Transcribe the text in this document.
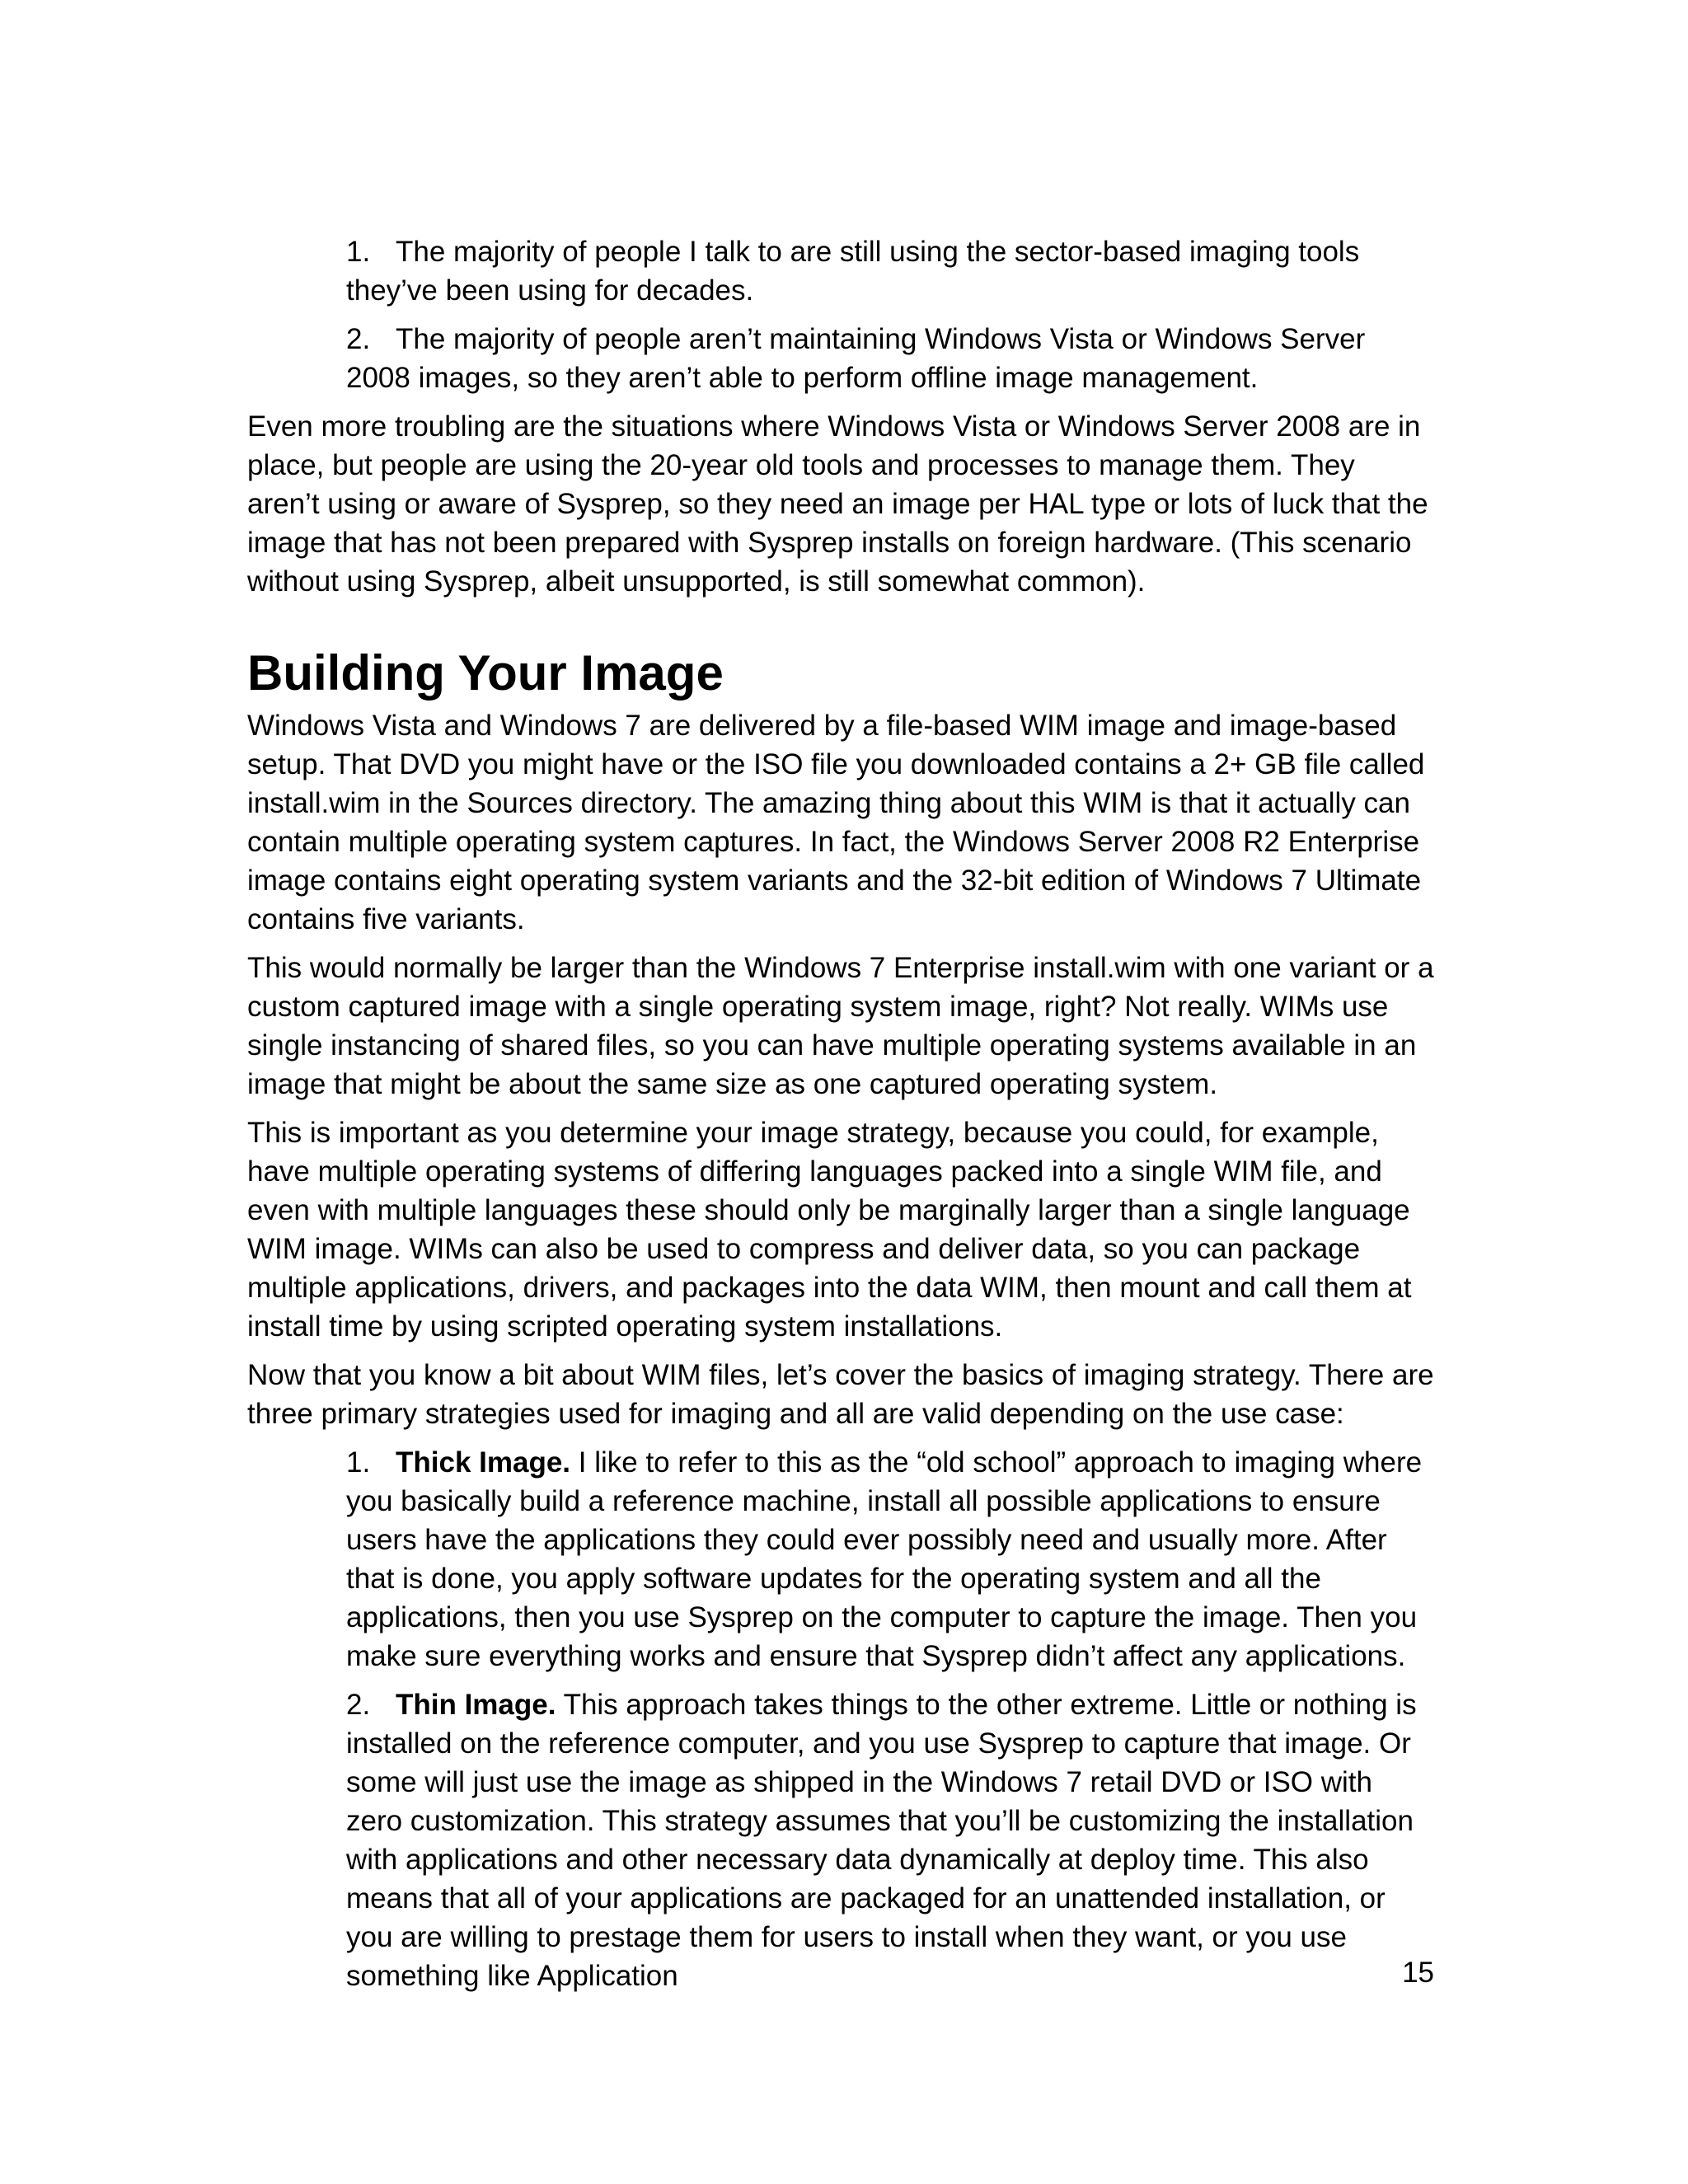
1. The majority of people I talk to are still using the sector-based imaging tools they’ve been using for decades.
2. The majority of people aren’t maintaining Windows Vista or Windows Server 2008 images, so they aren’t able to perform offline image management.

Even more troubling are the situations where Windows Vista or Windows Server 2008 are in place, but people are using the 20-year old tools and processes to manage them. They aren’t using or aware of Sysprep, so they need an image per HAL type or lots of luck that the image that has not been prepared with Sysprep installs on foreign hardware. (This scenario without using Sysprep, albeit unsupported, is still somewhat common).

Building Your Image

Windows Vista and Windows 7 are delivered by a file-based WIM image and image-based setup. That DVD you might have or the ISO file you downloaded contains a 2+ GB file called install.wim in the Sources directory. The amazing thing about this WIM is that it actually can contain multiple operating system captures. In fact, the Windows Server 2008 R2 Enterprise image contains eight operating system variants and the 32-bit edition of Windows 7 Ultimate contains five variants.

This would normally be larger than the Windows 7 Enterprise install.wim with one variant or a custom captured image with a single operating system image, right? Not really. WIMs use single instancing of shared files, so you can have multiple operating systems available in an image that might be about the same size as one captured operating system.

This is important as you determine your image strategy, because you could, for example, have multiple operating systems of differing languages packed into a single WIM file, and even with multiple languages these should only be marginally larger than a single language WIM image. WIMs can also be used to compress and deliver data, so you can package multiple applications, drivers, and packages into the data WIM, then mount and call them at install time by using scripted operating system installations.

Now that you know a bit about WIM files, let’s cover the basics of imaging strategy. There are three primary strategies used for imaging and all are valid depending on the use case:

1. Thick Image. I like to refer to this as the “old school” approach to imaging where you basically build a reference machine, install all possible applications to ensure users have the applications they could ever possibly need and usually more. After that is done, you apply software updates for the operating system and all the applications, then you use Sysprep on the computer to capture the image. Then you make sure everything works and ensure that Sysprep didn’t affect any applications.
2. Thin Image. This approach takes things to the other extreme. Little or nothing is installed on the reference computer, and you use Sysprep to capture that image. Or some will just use the image as shipped in the Windows 7 retail DVD or ISO with zero customization. This strategy assumes that you’ll be customizing the installation with applications and other necessary data dynamically at deploy time. This also means that all of your applications are packaged for an unattended installation, or you are willing to prestage them for users to install when they want, or you use something like Application	15
